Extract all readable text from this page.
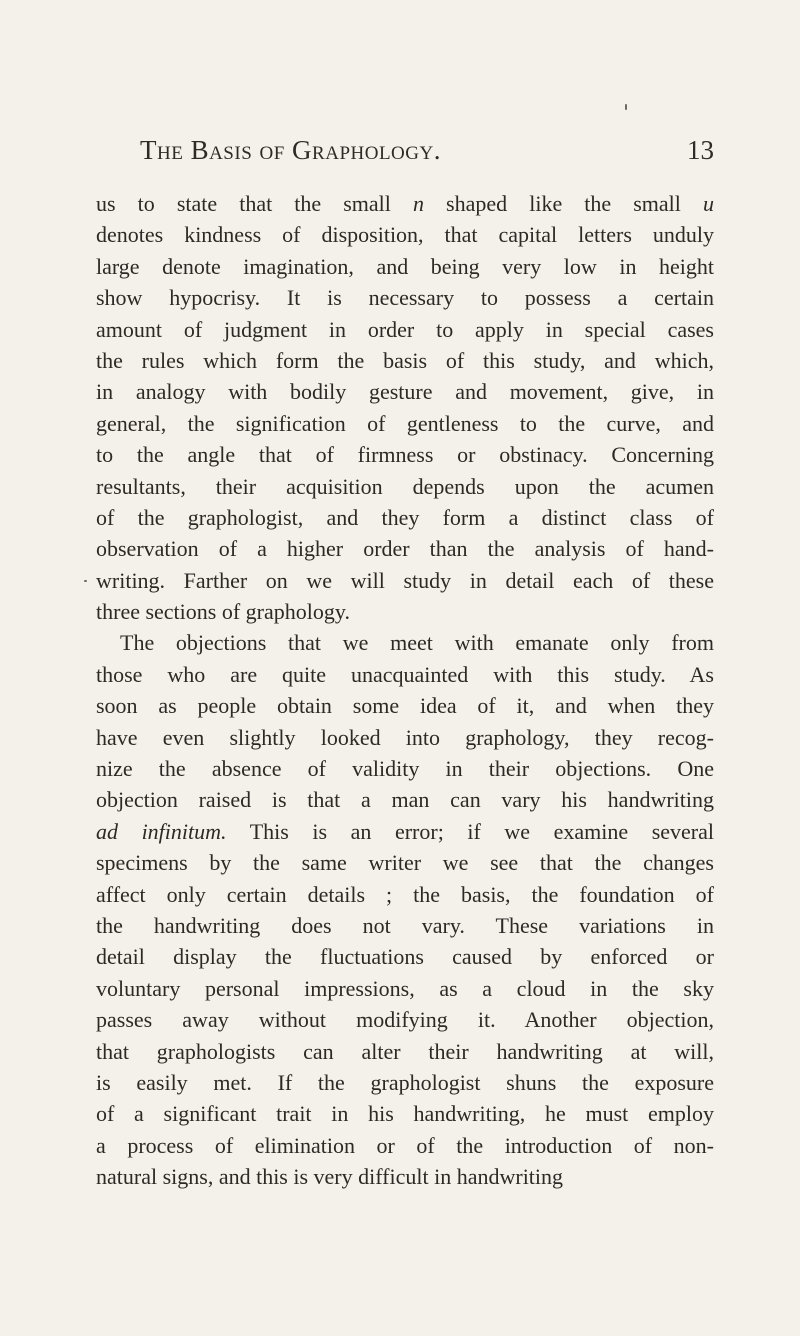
The Basis of Graphology.	13
us to state that the small n shaped like the small u
denotes kindness of disposition, that capital letters unduly
large denote imagination, and being very low in height
show hypocrisy. It is necessary to possess a certain
amount of judgment in order to apply in special cases
the rules which form the basis of this study, and which,
in analogy with bodily gesture and movement, give, in
general, the signification of gentleness to the curve, and
to the angle that of firmness or obstinacy. Concerning
resultants, their acquisition depends upon the acumen
of the graphologist, and they form a distinct class of
observation of a higher order than the analysis of hand-
writing. Farther on we will study in detail each of these
three sections of graphology.
The objections that we meet with emanate only from
those who are quite unacquainted with this study. As
soon as people obtain some idea of it, and when they
have even slightly looked into graphology, they recog-
nize the absence of validity in their objections. One
objection raised is that a man can vary his handwriting
ad infinitum. This is an error; if we examine several
specimens by the same writer we see that the changes
affect only certain details ; the basis, the foundation of
the handwriting does not vary. These variations in
detail display the fluctuations caused by enforced or
voluntary personal impressions, as a cloud in the sky
passes away without modifying it. Another objection,
that graphologists can alter their handwriting at will,
is easily met. If the graphologist shuns the exposure
of a significant trait in his handwriting, he must employ
a process of elimination or of the introduction of non-
natural signs, and this is very difficult in handwriting
